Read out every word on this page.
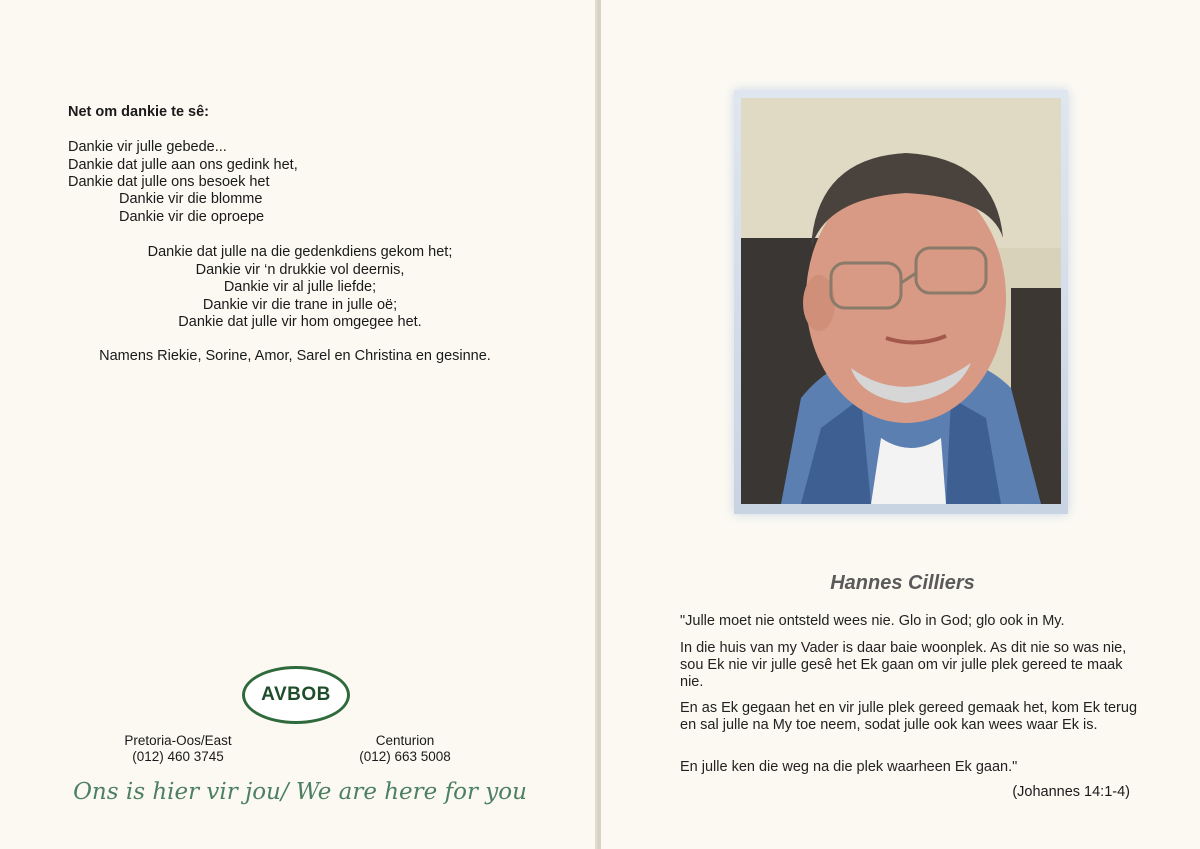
Net om dankie te sê:
Dankie vir julle gebede...
Dankie dat julle aan ons gedink het,
Dankie dat julle ons besoek het
Dankie vir die blomme
Dankie vir die oproepe
Dankie dat julle na die gedenkdiens gekom het;
Dankie vir ‘n drukkie vol deernis,
Dankie vir al julle liefde;
Dankie vir die trane in julle oë;
Dankie dat julle vir hom omgegee het.
Namens Riekie, Sorine, Amor, Sarel en Christina en gesinne.
AVBOB
Pretoria-Oos/East
(012) 460 3745
Centurion
(012) 663 5008
Ons is hier vir jou/ We are here for you
Hannes Cilliers
"Julle moet nie ontsteld wees nie. Glo in God; glo ook in My.
In die huis van my Vader is daar baie woonplek. As dit nie so was nie, sou Ek nie vir julle gesê het Ek gaan om vir julle plek gereed te maak nie.
En as Ek gegaan het en vir julle plek gereed gemaak het, kom Ek terug en sal julle na My toe neem, sodat julle ook kan wees waar Ek is.
En julle ken die weg na die plek waarheen Ek gaan."
(Johannes 14:1-4)
